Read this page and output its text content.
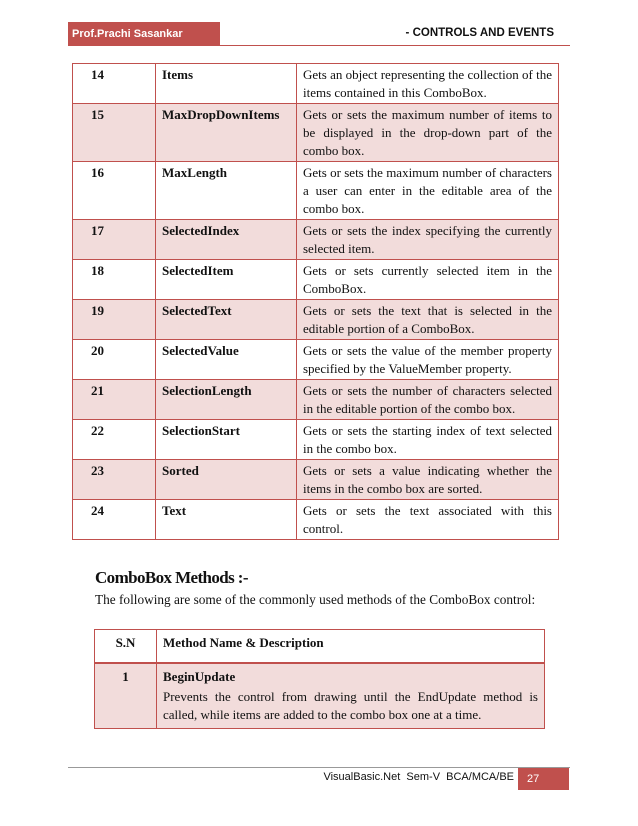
Prof.Prachi Sasankar	- CONTROLS AND EVENTS
14	Items	Gets an object representing the collection of the items contained in this ComboBox.
15	MaxDropDownItems	Gets or sets the maximum number of items to be displayed in the drop-down part of the combo box.
16	MaxLength	Gets or sets the maximum number of characters a user can enter in the editable area of the combo box.
17	SelectedIndex	Gets or sets the index specifying the currently selected item.
18	SelectedItem	Gets or sets currently selected item in the ComboBox.
19	SelectedText	Gets or sets the text that is selected in the editable portion of a ComboBox.
20	SelectedValue	Gets or sets the value of the member property specified by the ValueMember property.
21	SelectionLength	Gets or sets the number of characters selected in the editable portion of the combo box.
22	SelectionStart	Gets or sets the starting index of text selected in the combo box.
23	Sorted	Gets or sets a value indicating whether the items in the combo box are sorted.
24	Text	Gets or sets the text associated with this control.
ComboBox Methods :-
The following are some of the commonly used methods of the ComboBox control:
S.N	Method Name & Description
1	BeginUpdate
Prevents the control from drawing until the EndUpdate method is called, while items are added to the combo box one at a time.
VisualBasic.Net  Sem-V  BCA/MCA/BE	27
